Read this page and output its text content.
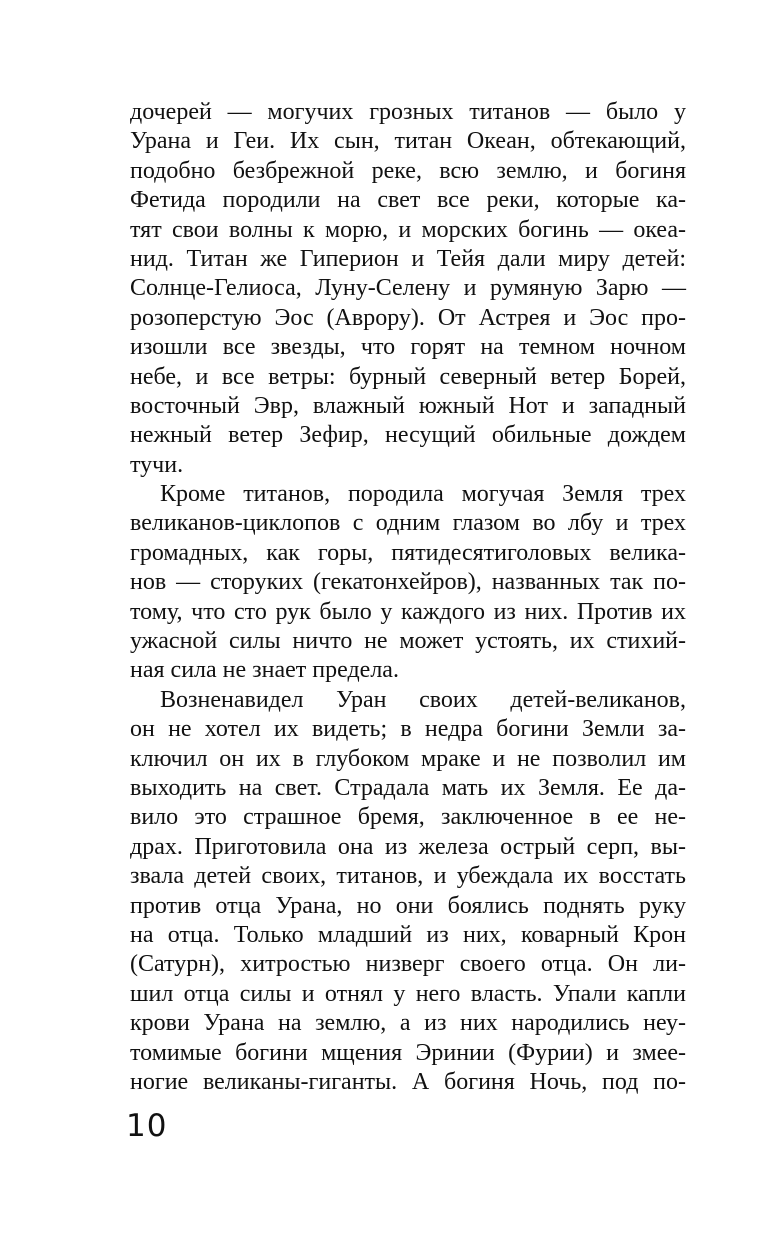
дочерей — могучих грозных титанов — было у
Урана и Геи. Их сын, титан Океан, обтекающий,
подобно безбрежной реке, всю землю, и богиня
Фетида породили на свет все реки, которые ка-
тят свои волны к морю, и морских богинь — океа-
нид. Титан же Гиперион и Тейя дали миру детей:
Солнце-Гелиоса, Луну-Селену и румяную Зарю —
розоперстую Эос (Аврору). От Астрея и Эос про-
изошли все звезды, что горят на темном ночном
небе, и все ветры: бурный северный ветер Борей,
восточный Эвр, влажный южный Нот и западный
нежный ветер Зефир, несущий обильные дождем
тучи.
Кроме титанов, породила могучая Земля трех
великанов-циклопов с одним глазом во лбу и трех
громадных, как горы, пятидесятиголовых велика-
нов — сторуких (гекатонхейров), названных так по-
тому, что сто рук было у каждого из них. Против их
ужасной силы ничто не может устоять, их стихий-
ная сила не знает предела.
Возненавидел Уран своих детей-великанов,
он не хотел их видеть; в недра богини Земли за-
ключил он их в глубоком мраке и не позволил им
выходить на свет. Страдала мать их Земля. Ее да-
вило это страшное бремя, заключенное в ее не-
драх. Приготовила она из железа острый серп, вы-
звала детей своих, титанов, и убеждала их восстать
против отца Урана, но они боялись поднять руку
на отца. Только младший из них, коварный Крон
(Сатурн), хитростью низверг своего отца. Он ли-
шил отца силы и отнял у него власть. Упали капли
крови Урана на землю, а из них народились неу-
томимые богини мщения Эринии (Фурии) и змее-
ногие великаны-гиганты. А богиня Ночь, под по-
10
